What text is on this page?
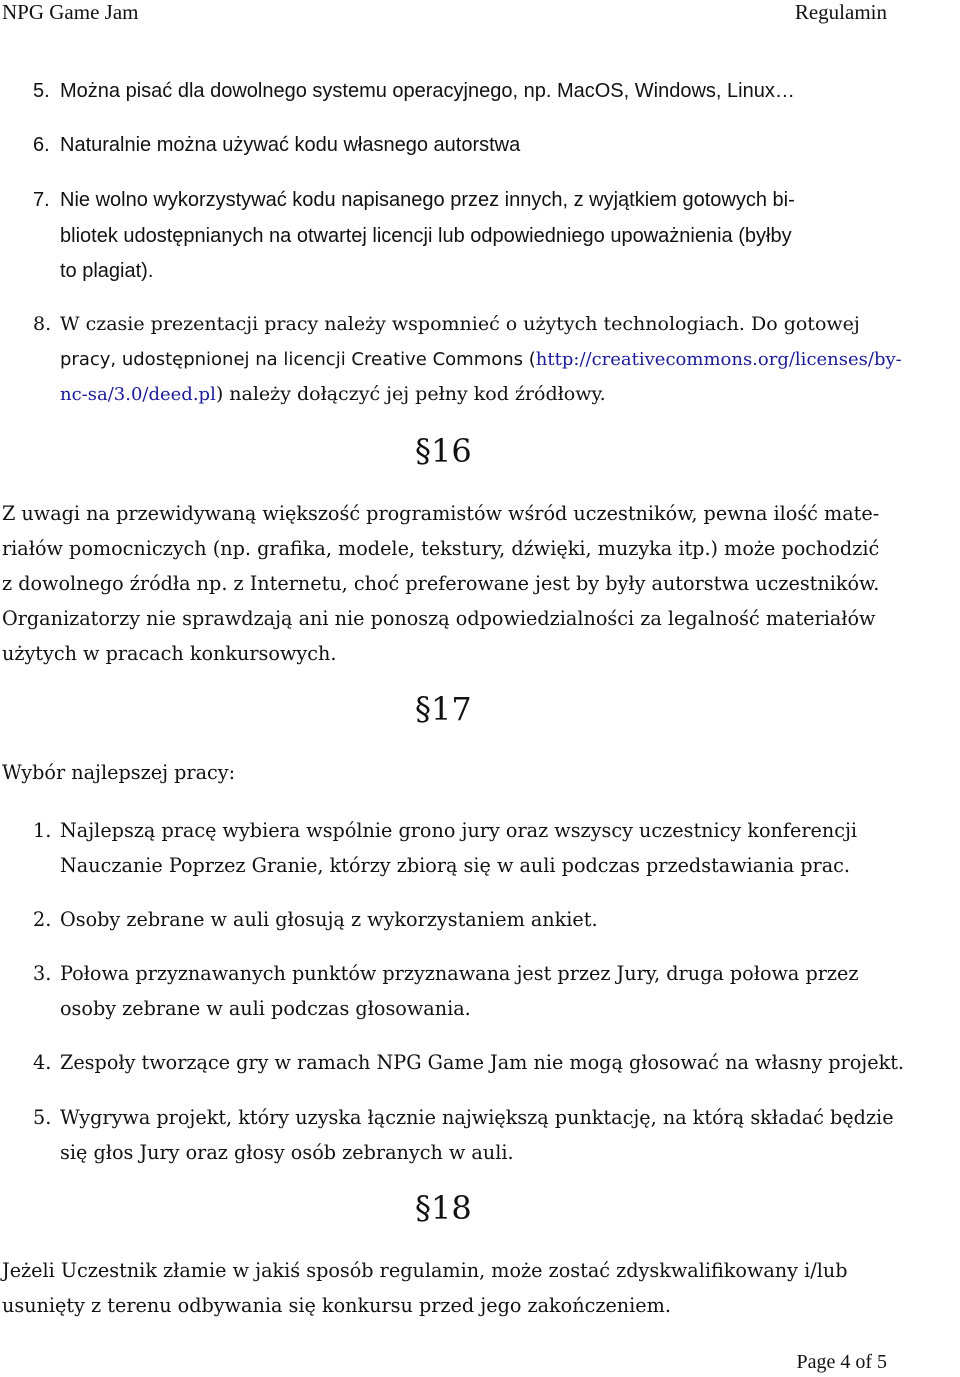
NPG Game Jam	Regulamin
5. Można pisać dla dowolnego systemu operacyjnego, np. MacOS, Windows, Linux…
6. Naturalnie można używać kodu własnego autorstwa
7. Nie wolno wykorzystywać kodu napisanego przez innych, z wyjątkiem gotowych bi-
bliotek udostępnianych na otwartej licencji lub odpowiedniego upoważnienia (byłby
to plagiat).
8. W czasie prezentacji pracy należy wspomnieć o użytych technologiach. Do gotowej
pracy, udostępnionej na licencji Creative Commons (http://creativecommons.org/licenses/by-
nc-sa/3.0/deed.pl) należy dołączyć jej pełny kod źródłowy.
§16
Z uwagi na przewidywaną większość programistów wśród uczestników, pewna ilość mate-
riałów pomocniczych (np. grafika, modele, tekstury, dźwięki, muzyka itp.) może pochodzić
z dowolnego źródła np. z Internetu, choć preferowane jest by były autorstwa uczestników.
Organizatorzy nie sprawdzają ani nie ponoszą odpowiedzialności za legalność materiałów
użytych w pracach konkursowych.
§17
Wybór najlepszej pracy:
1. Najlepszą pracę wybiera wspólnie grono jury oraz wszyscy uczestnicy konferencji
Nauczanie Poprzez Granie, którzy zbiorą się w auli podczas przedstawiania prac.
2. Osoby zebrane w auli głosują z wykorzystaniem ankiet.
3. Połowa przyznawanych punktów przyznawana jest przez Jury, druga połowa przez
osoby zebrane w auli podczas głosowania.
4. Zespoły tworzące gry w ramach NPG Game Jam nie mogą głosować na własny projekt.
5. Wygrywa projekt, który uzyska łącznie największą punktację, na którą składać będzie
się głos Jury oraz głosy osób zebranych w auli.
§18
Jeżeli Uczestnik złamie w jakiś sposób regulamin, może zostać zdyskwalifikowany i/lub
usunięty z terenu odbywania się konkursu przed jego zakończeniem.
Page 4 of 5
